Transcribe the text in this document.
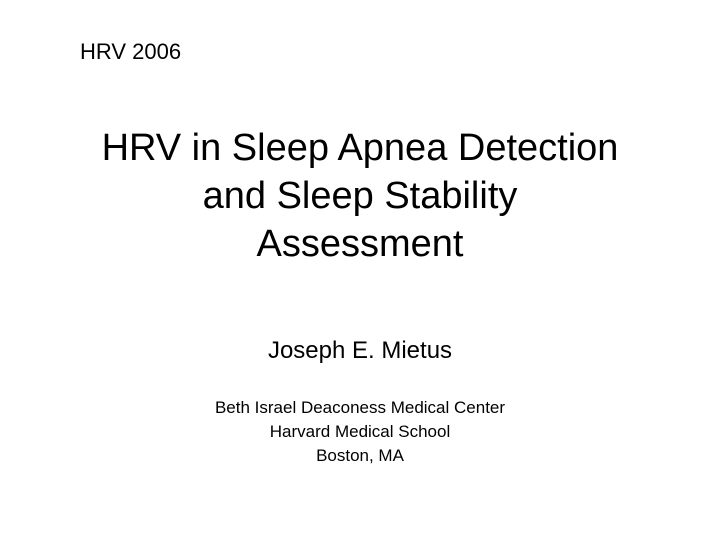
HRV 2006
HRV in Sleep Apnea Detection
and Sleep Stability
Assessment
Joseph E. Mietus
Beth Israel Deaconess Medical Center
Harvard Medical School
Boston, MA
